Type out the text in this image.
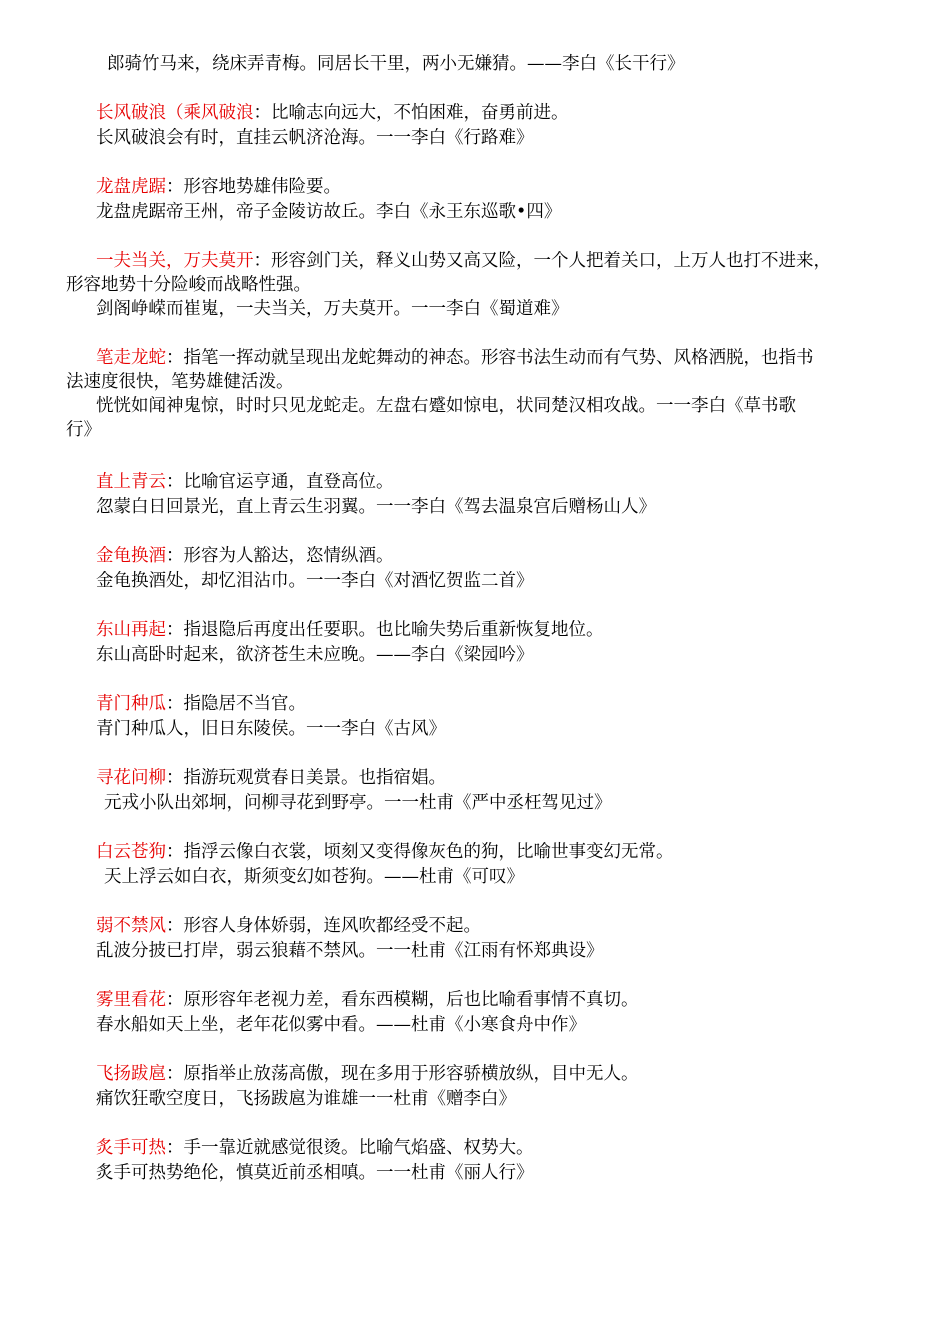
郎骑竹马来，绕床弄青梅。同居长干里，两小无嫌猜。——李白《长干行》
长风破浪（乘风破浪：比喻志向远大，不怕困难，奋勇前进。
长风破浪会有时，直挂云帆济沧海。一一李白《行路难》
龙盘虎踞：形容地势雄伟险要。
龙盘虎踞帝王州，帝子金陵访故丘。李白《永王东巡歌•四》
一夫当关，万夫莫开：形容剑门关，释义山势又高又险，一个人把着关口，上万人也打不进来，
形容地势十分险峻而战略性强。
剑阁峥嵘而崔嵬，一夫当关，万夫莫开。一一李白《蜀道难》
笔走龙蛇：指笔一挥动就呈现出龙蛇舞动的神态。形容书法生动而有气势、风格洒脱，也指书
法速度很快，笔势雄健活泼。
恍恍如闻神鬼惊，时时只见龙蛇走。左盘右蹙如惊电，状同楚汉相攻战。一一李白《草书歌
行》
直上青云：比喻官运亨通，直登高位。
忽蒙白日回景光，直上青云生羽翼。一一李白《驾去温泉宫后赠杨山人》
金龟换酒：形容为人豁达，恣情纵酒。
金龟换酒处，却忆泪沾巾。一一李白《对酒忆贺监二首》
东山再起：指退隐后再度出任要职。也比喻失势后重新恢复地位。
东山高卧时起来，欲济苍生未应晚。——李白《梁园吟》
青门种瓜：指隐居不当官。
青门种瓜人，旧日东陵侯。一一李白《古风》
寻花问柳：指游玩观赏春日美景。也指宿娼。
元戎小队出郊坰，问柳寻花到野亭。一一杜甫《严中丞枉驾见过》
白云苍狗：指浮云像白衣裳，顷刻又变得像灰色的狗，比喻世事变幻无常。
天上浮云如白衣，斯须变幻如苍狗。——杜甫《可叹》
弱不禁风：形容人身体娇弱，连风吹都经受不起。
乱波分披已打岸，弱云狼藉不禁风。一一杜甫《江雨有怀郑典设》
雾里看花：原形容年老视力差，看东西模糊，后也比喻看事情不真切。
春水船如天上坐，老年花似雾中看。——杜甫《小寒食舟中作》
飞扬跋扈：原指举止放荡高傲，现在多用于形容骄横放纵，目中无人。
痛饮狂歌空度日，飞扬跋扈为谁雄一一杜甫《赠李白》
炙手可热：手一靠近就感觉很烫。比喻气焰盛、权势大。
炙手可热势绝伦，慎莫近前丞相嗔。一一杜甫《丽人行》
